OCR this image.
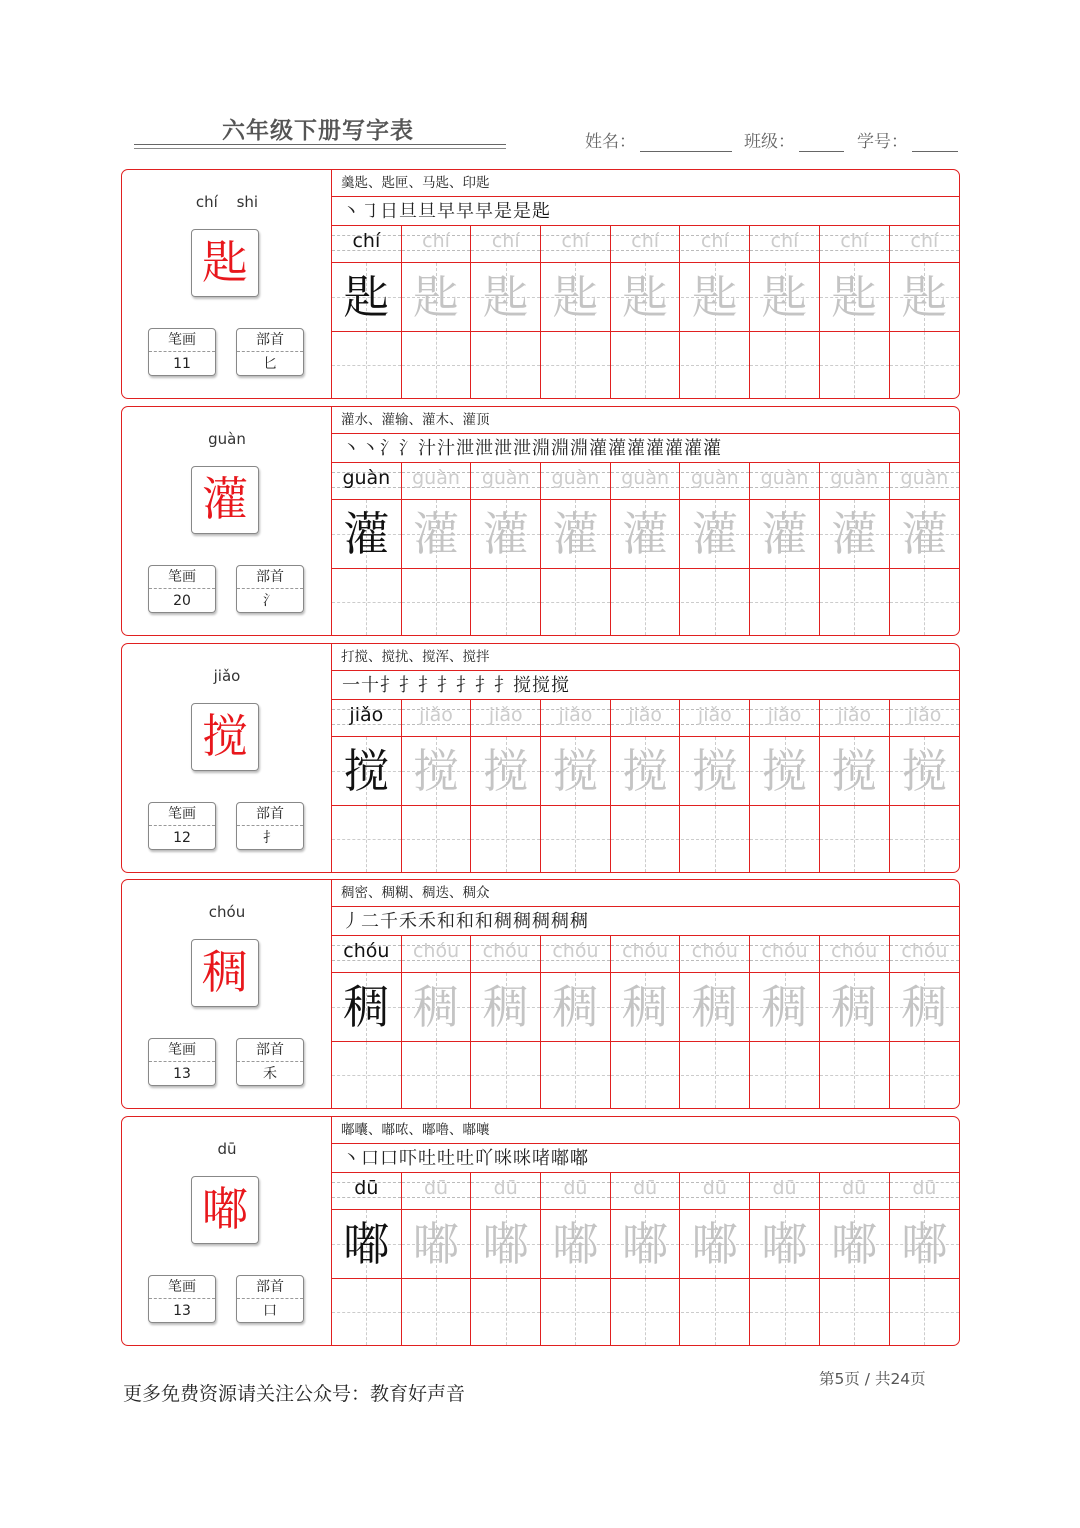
六年级下册写字表	姓名：	班级：	学号：
chí shi
匙
笔画
11
部首
匕
羹匙、匙匣、马匙、印匙
丶㇆日旦旦早早早是是匙
chí	chí	chí	chí	chí	chí	chí	chí	chí
匙 匙 匙 匙 匙 匙 匙 匙 匙
guàn
灌
笔画
20
部首
氵
灌水、灌输、灌木、灌顶
丶丶氵氵汁汁泄泄泄泄淵淵淵灌灌灌灌灌灌灌
guàn	guàn	guàn	guàn	guàn	guàn	guàn	guàn	guàn
灌 灌 灌 灌 灌 灌 灌 灌 灌
jiǎo
搅
笔画
12
部首
扌
打搅、搅扰、搅浑、搅拌
一十扌扌扌扌扌扌扌搅搅搅
jiǎo	jiǎo	jiǎo	jiǎo	jiǎo	jiǎo	jiǎo	jiǎo	jiǎo
搅 搅 搅 搅 搅 搅 搅 搅 搅
chóu
稠
笔画
13
部首
禾
稠密、稠糊、稠迭、稠众
丿二千禾禾和和和稠稠稠稠稠
chóu	chóu	chóu	chóu	chóu	chóu	chóu	chóu	chóu
稠 稠 稠 稠 稠 稠 稠 稠 稠
dū
嘟
笔画
13
部首
口
嘟囔、嘟哝、嘟噜、嘟嚷
丶口口吓吐吐吐吖咪咪啫嘟嘟
dū	dū	dū	dū	dū	dū	dū	dū	dū
嘟 嘟 嘟 嘟 嘟 嘟 嘟 嘟 嘟
更多免费资源请关注公众号：教育好声音
第5页 / 共24页
